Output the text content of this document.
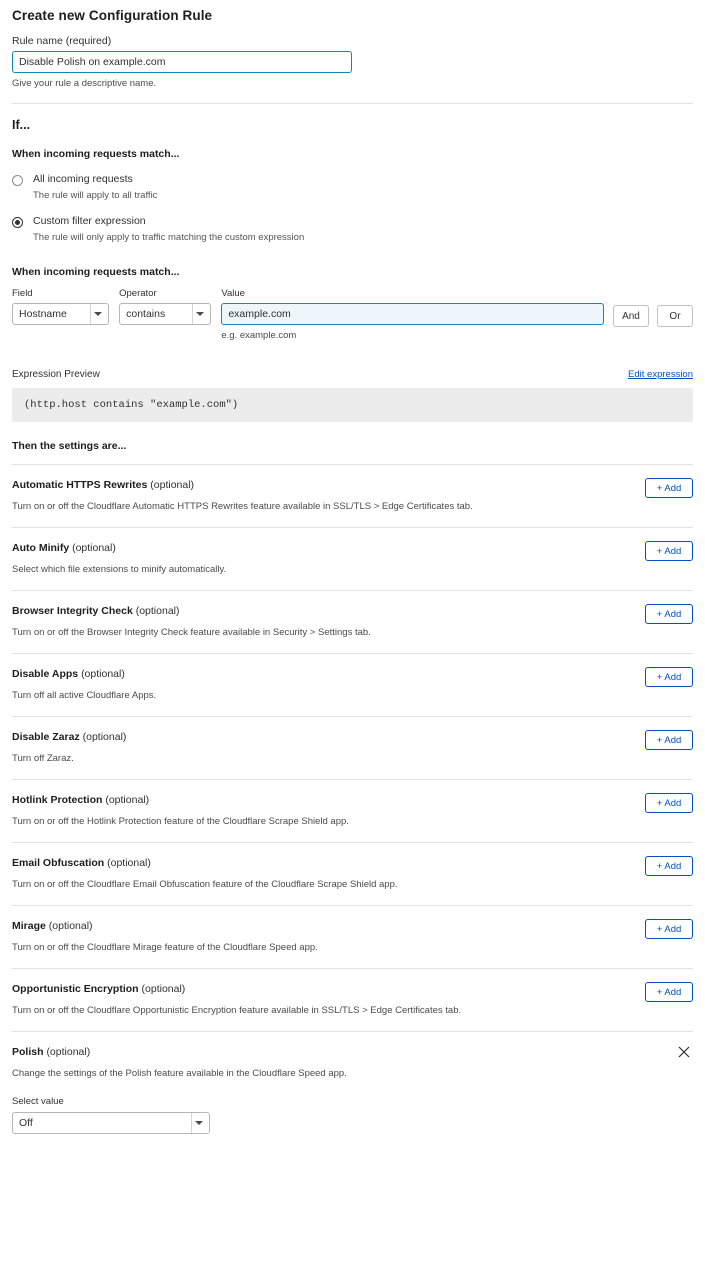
Create new Configuration Rule
Rule name (required)
Disable Polish on example.com
Give your rule a descriptive name.
If...
When incoming requests match...
All incoming requests
The rule will apply to all traffic
Custom filter expression
The rule will only apply to traffic matching the custom expression
When incoming requests match...
Field
Hostname
Operator
contains
Value
example.com
e.g. example.com
And	Or
Expression Preview	Edit expression
(http.host contains "example.com")
Then the settings are...
Automatic HTTPS Rewrites (optional)
Turn on or off the Cloudflare Automatic HTTPS Rewrites feature available in SSL/TLS > Edge Certificates tab.
+ Add
Auto Minify (optional)
Select which file extensions to minify automatically.
+ Add
Browser Integrity Check (optional)
Turn on or off the Browser Integrity Check feature available in Security > Settings tab.
+ Add
Disable Apps (optional)
Turn off all active Cloudflare Apps.
+ Add
Disable Zaraz (optional)
Turn off Zaraz.
+ Add
Hotlink Protection (optional)
Turn on or off the Hotlink Protection feature of the Cloudflare Scrape Shield app.
+ Add
Email Obfuscation (optional)
Turn on or off the Cloudflare Email Obfuscation feature of the Cloudflare Scrape Shield app.
+ Add
Mirage (optional)
Turn on or off the Cloudflare Mirage feature of the Cloudflare Speed app.
+ Add
Opportunistic Encryption (optional)
Turn on or off the Cloudflare Opportunistic Encryption feature available in SSL/TLS > Edge Certificates tab.
+ Add
Polish (optional)
Change the settings of the Polish feature available in the Cloudflare Speed app.
Select value
Off
